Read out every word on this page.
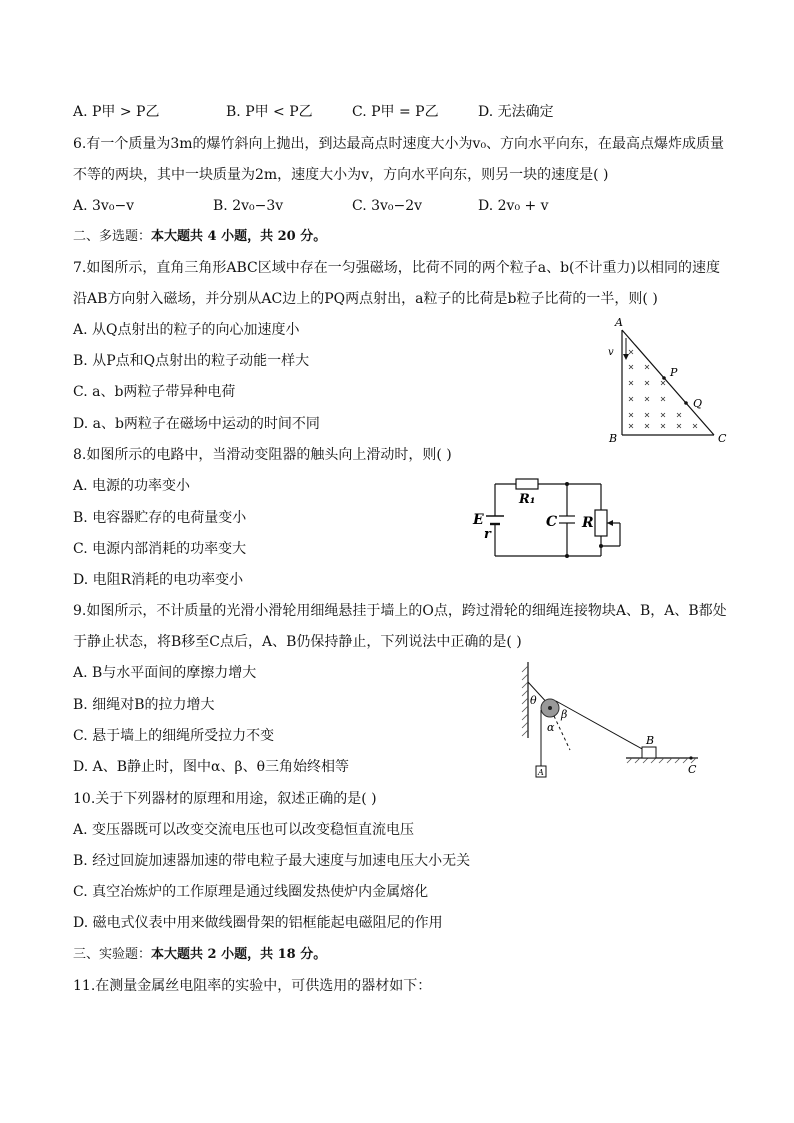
A. P甲 > P乙	B. P甲 < P乙	C. P甲 = P乙	D. 无法确定
6.有一个质量为3m的爆竹斜向上抛出，到达最高点时速度大小为v₀、方向水平向东，在最高点爆炸成质量
不等的两块，其中一块质量为2m，速度大小为v，方向水平向东，则另一块的速度是( )
A. 3v₀−v	B. 2v₀−3v	C. 3v₀−2v	D. 2v₀ + v
二、多选题：本大题共 4 小题，共 20 分。
7.如图所示，直角三角形ABC区域中存在一匀强磁场，比荷不同的两个粒子a、b(不计重力)以相同的速度
沿AB方向射入磁场，并分别从AC边上的PQ两点射出，a粒子的比荷是b粒子比荷的一半，则( )
A. 从Q点射出的粒子的向心加速度小
B. 从P点和Q点射出的粒子动能一样大
C. a、b两粒子带异种电荷
D. a、b两粒子在磁场中运动的时间不同
A
v
P
Q
B	C
8.如图所示的电路中，当滑动变阻器的触头向上滑动时，则( )
A. 电源的功率变小
B. 电容器贮存的电荷量变小
C. 电源内部消耗的功率变大
D. 电阻R消耗的电功率变小
E
r
R₁
C R
9.如图所示，不计质量的光滑小滑轮用细绳悬挂于墙上的O点，跨过滑轮的细绳连接物块A、B，A、B都处
于静止状态，将B移至C点后，A、B仍保持静止，下列说法中正确的是( )
A. B与水平面间的摩擦力增大
B. 细绳对B的拉力增大
C. 悬于墙上的细绳所受拉力不变
D. A、B静止时，图中α、β、θ三角始终相等
θ
α
β
A
B
C
10.关于下列器材的原理和用途，叙述正确的是( )
A. 变压器既可以改变交流电压也可以改变稳恒直流电压
B. 经过回旋加速器加速的带电粒子最大速度与加速电压大小无关
C. 真空冶炼炉的工作原理是通过线圈发热使炉内金属熔化
D. 磁电式仪表中用来做线圈骨架的铝框能起电磁阻尼的作用
三、实验题：本大题共 2 小题，共 18 分。
11.在测量金属丝电阻率的实验中，可供选用的器材如下：
